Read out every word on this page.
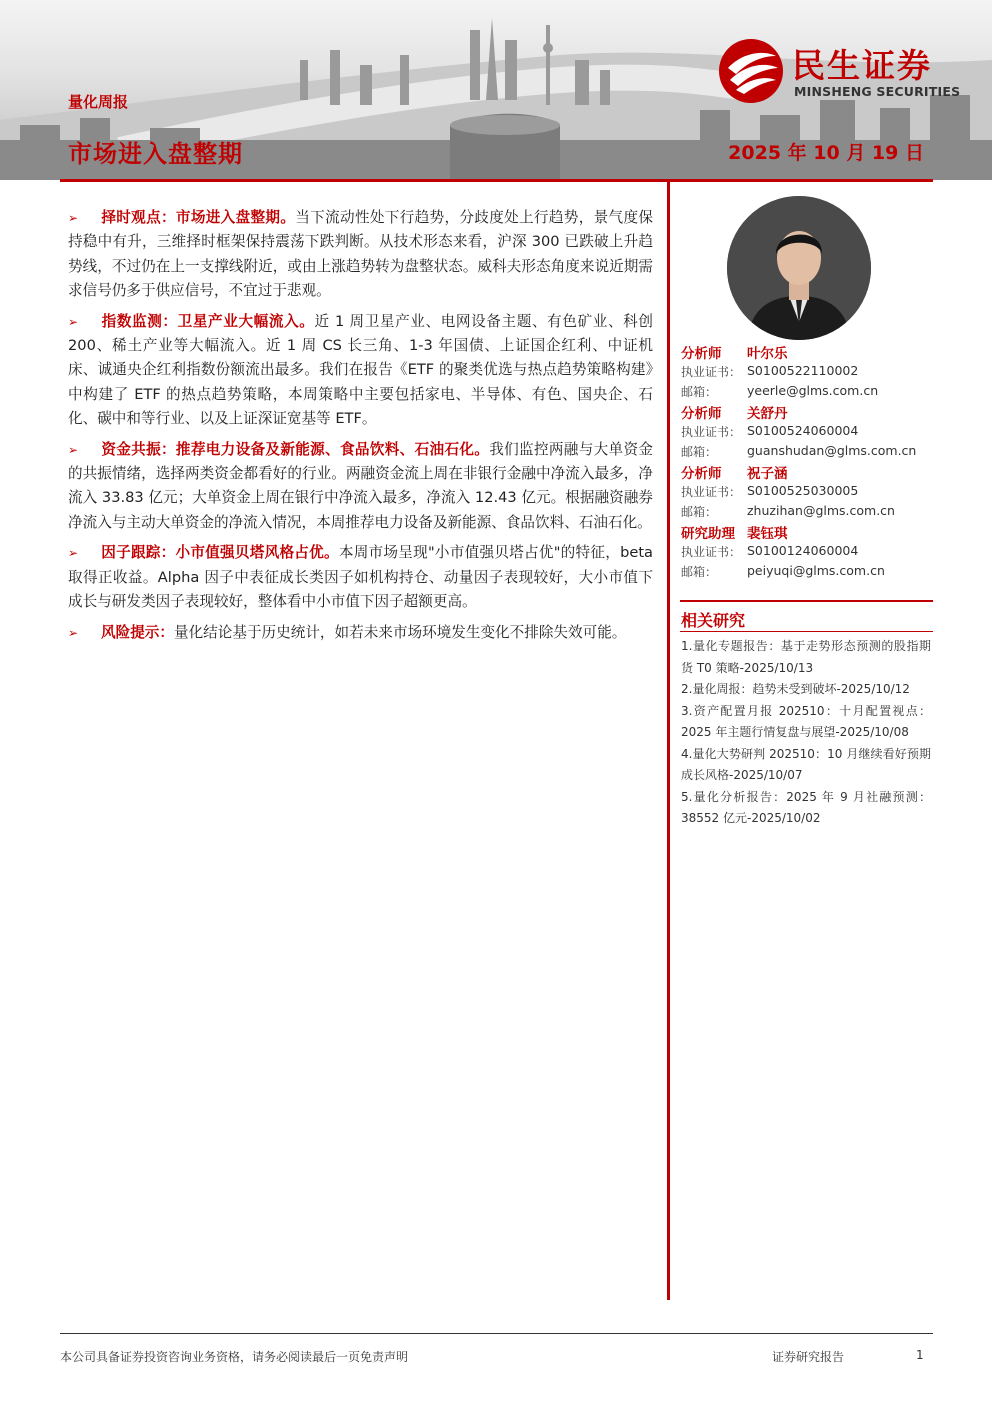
量化周报
市场进入盘整期	2025 年 10 月 19 日
民生证券
MINSHENG SECURITIES

➢ 择时观点：市场进入盘整期。当下流动性处下行趋势，分歧度处上行趋势，景气度保持稳中有升，三维择时框架保持震荡下跌判断。从技术形态来看，沪深 300 已跌破上升趋势线，不过仍在上一支撑线附近，或由上涨趋势转为盘整状态。威科夫形态角度来说近期需求信号仍多于供应信号，不宜过于悲观。

➢ 指数监测：卫星产业大幅流入。近 1 周卫星产业、电网设备主题、有色矿业、科创 200、稀土产业等大幅流入。近 1 周 CS 长三角、1-3 年国债、上证国企红利、中证机床、诚通央企红利指数份额流出最多。我们在报告《ETF 的聚类优选与热点趋势策略构建》中构建了 ETF 的热点趋势策略，本周策略中主要包括家电、半导体、有色、国央企、石化、碳中和等行业、以及上证深证宽基等 ETF。

➢ 资金共振：推荐电力设备及新能源、食品饮料、石油石化。我们监控两融与大单资金的共振情绪，选择两类资金都看好的行业。两融资金流上周在非银行金融中净流入最多，净流入 33.83 亿元；大单资金上周在银行中净流入最多，净流入 12.43 亿元。根据融资融券净流入与主动大单资金的净流入情况，本周推荐电力设备及新能源、食品饮料、石油石化。

➢ 因子跟踪：小市值强贝塔风格占优。本周市场呈现"小市值强贝塔占优"的特征，beta 取得正收益。Alpha 因子中表征成长类因子如机构持仓、动量因子表现较好，大小市值下成长与研发类因子表现较好，整体看中小市值下因子超额更高。

➢ 风险提示：量化结论基于历史统计，如若未来市场环境发生变化不排除失效可能。

分析师 叶尔乐
执业证书： S0100522110002
邮箱： yeerle@glms.com.cn
分析师 关舒丹
执业证书： S0100524060004
邮箱： guanshudan@glms.com.cn
分析师 祝子涵
执业证书： S0100525030005
邮箱： zhuzihan@glms.com.cn
研究助理 裴钰琪
执业证书： S0100124060004
邮箱： peiyuqi@glms.com.cn
相关研究
1.量化专题报告：基于走势形态预测的股指期货 T0 策略-2025/10/13
2.量化周报：趋势未受到破坏-2025/10/12
3.资产配置月报 202510：十月配置视点：2025 年主题行情复盘与展望-2025/10/08
4.量化大势研判 202510：10 月继续看好预期成长风格-2025/10/07
5.量化分析报告：2025 年 9 月社融预测：38552 亿元-2025/10/02
本公司具备证券投资咨询业务资格，请务必阅读最后一页免责声明	证券研究报告	1
